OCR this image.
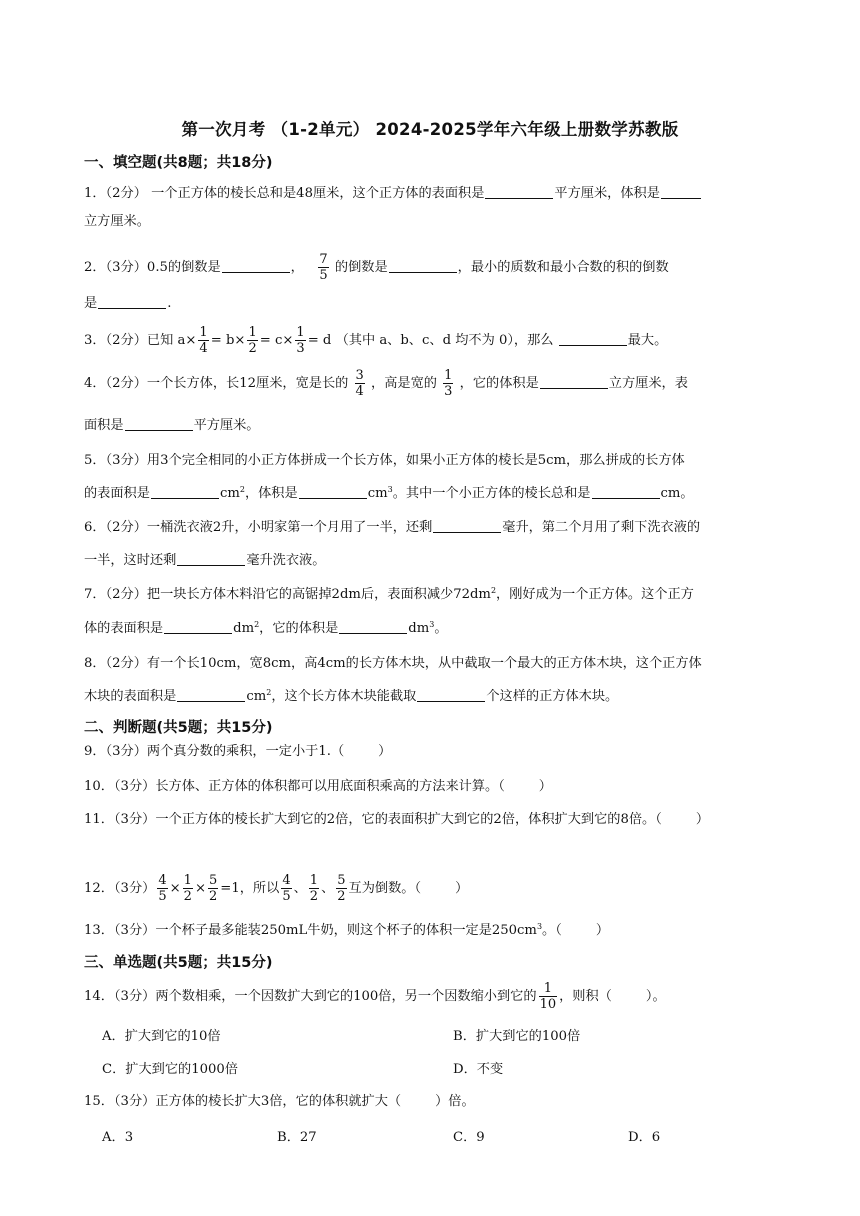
第一次月考 （1-2单元） 2024-2025学年六年级上册数学苏教版
一、填空题(共8题；共18分)
1．（2分） 一个正方体的棱长总和是48厘米，这个正方体的表面积是	平方厘米，体积是
立方厘米。
2．（3分）0.5的倒数是	， $\frac{7}{5}$ 的倒数是	，最小的质数和最小合数的积的倒数
是	.
3．（2分）已知 $a\times \frac{1}{4} = b\times \frac{1}{2} = c\times \frac{1}{3} = d$ （其中 a、b、c、d 均不为 0），那么	最大。
4．（2分）一个长方体，长12厘米，宽是长的 $\frac{3}{4}$ ，高是宽的 $\frac{1}{3}$ ，它的体积是	立方厘米，表
面积是	平方厘米。
5．（3分）用3个完全相同的小正方体拼成一个长方体，如果小正方体的棱长是5cm，那么拼成的长方体
的表面积是	$cm^2$，体积是	$cm^3$。其中一个小正方体的棱长总和是	cm。
6．（2分）一桶洗衣液2升，小明家第一个月用了一半，还剩	毫升，第二个月用了剩下洗衣液的
一半，这时还剩	毫升洗衣液。
7．（2分）把一块长方体木料沿它的高锯掉2dm后，表面积减少$72dm^2$，刚好成为一个正方体。这个正方
体的表面积是	$dm^2$，它的体积是	$dm^3$。
8．（2分）有一个长10cm，宽8cm，高4cm的长方体木块，从中截取一个最大的正方体木块，这个正方体
木块的表面积是	$cm^2$，这个长方体木块能截取	个这样的正方体木块。
二、判断题(共5题；共15分)
9．（3分）两个真分数的乘积，一定小于1.（	）
10．（3分）长方体、正方体的体积都可以用底面积乘高的方法来计算。（	）
11．（3分）一个正方体的棱长扩大到它的2倍，它的表面积扩大到它的2倍，体积扩大到它的8倍。（	）
12．（3分） $\frac{4}{5} \times \frac{1}{2} \times \frac{5}{2} =1$，所以 $\frac{4}{5}$ 、 $\frac{1}{2}$ 、 $\frac{5}{2}$ 互为倒数。（	）
13．（3分）一个杯子最多能装250mL牛奶，则这个杯子的体积一定是$250cm^3$。（	）
三、单选题(共5题；共15分)
14．（3分）两个数相乘，一个因数扩大到它的100倍，另一个因数缩小到它的 $\frac{1}{10}$ ，则积（	）。
A．扩大到它的10倍	B．扩大到它的100倍
C．扩大到它的1000倍	D．不变
15．（3分）正方体的棱长扩大3倍，它的体积就扩大（	）倍。
A．3	B．27	C．9	D．6
